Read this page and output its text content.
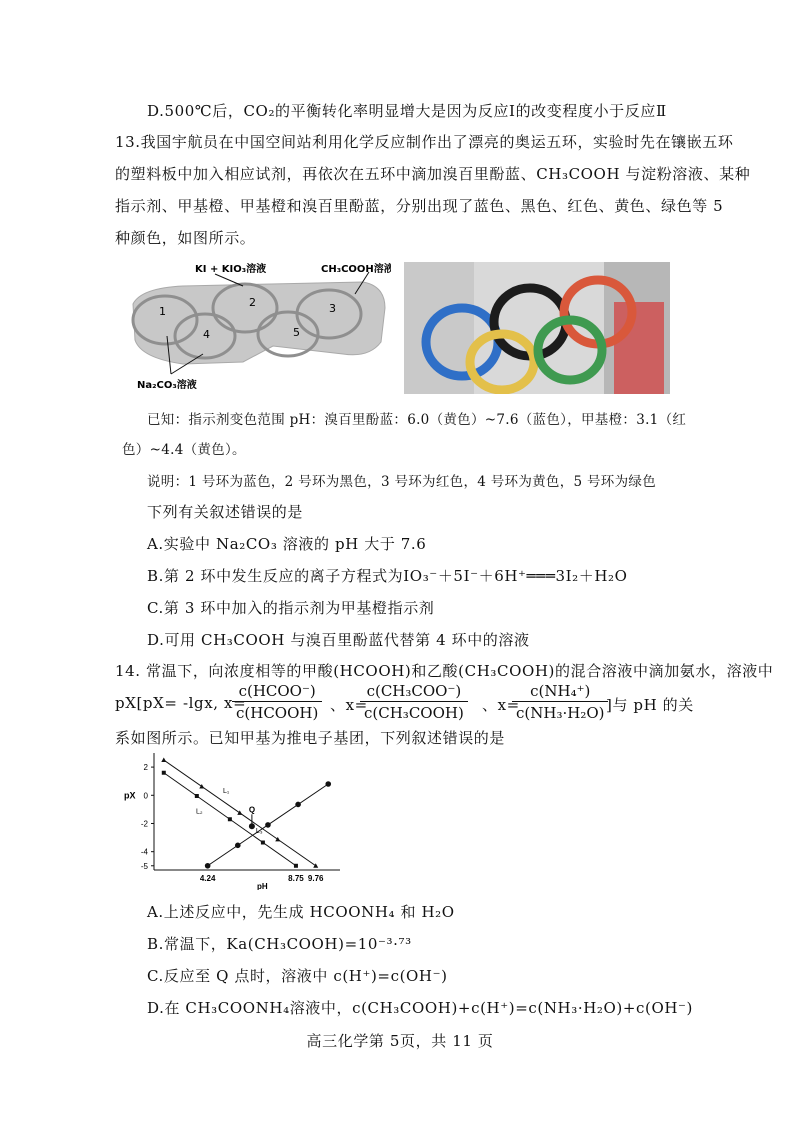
D.500℃后，CO₂的平衡转化率明显增大是因为反应Ⅰ的改变程度小于反应Ⅱ
13.我国宇航员在中国空间站利用化学反应制作出了漂亮的奥运五环，实验时先在镶嵌五环
的塑料板中加入相应试剂，再依次在五环中滴加溴百里酚蓝、CH₃COOH 与淀粉溶液、某种
指示剂、甲基橙、甲基橙和溴百里酚蓝，分别出现了蓝色、黑色、红色、黄色、绿色等 5
种颜色，如图所示。
1
2	3
4	5
KI + KIO₃溶液	CH₃COOH溶液
Na₂CO₃溶液
已知：指示剂变色范围 pH：溴百里酚蓝：6.0（黄色）~7.6（蓝色），甲基橙：3.1（红
色）~4.4（黄色）。
说明：1 号环为蓝色，2 号环为黑色，3 号环为红色，4 号环为黄色，5 号环为绿色
下列有关叙述错误的是
A.实验中 Na₂CO₃ 溶液的 pH 大于 7.6
B.第 2 环中发生反应的离子方程式为IO₃⁻＋5I⁻＋6H⁺═══3I₂＋H₂O
C.第 3 环中加入的指示剂为甲基橙指示剂
D.可用 CH₃COOH 与溴百里酚蓝代替第 4 环中的溶液
14. 常温下，向浓度相等的甲酸(HCOOH)和乙酸(CH₃COOH)的混合溶液中滴加氨水，溶液中
pX[pX= -lgx, x=
c(HCOO⁻)
c(HCOOH) 、x=
c(CH₃COO⁻)
c(CH₃COOH) 、x=
$\frac{\text{c(NH₄⁺)}}{\text{c(NH₃·H₂O)}}$
]与 pH 的关
系如图所示。已知甲基为推电子基团，下列叙述错误的是
2
0
-2
-4
-5
4.24	8.75 9.76
pX
pH
L₁
L₂
L₃
Q
A.上述反应中，先生成 HCOONH₄ 和 H₂O
B.常温下，Ka(CH₃COOH)=10⁻³·⁷³
C.反应至 Q 点时，溶液中 c(H⁺)=c(OH⁻)
D.在 CH₃COONH₄溶液中，c(CH₃COOH)+c(H⁺)=c(NH₃·H₂O)+c(OH⁻)
高三化学第 5页，共 11 页
